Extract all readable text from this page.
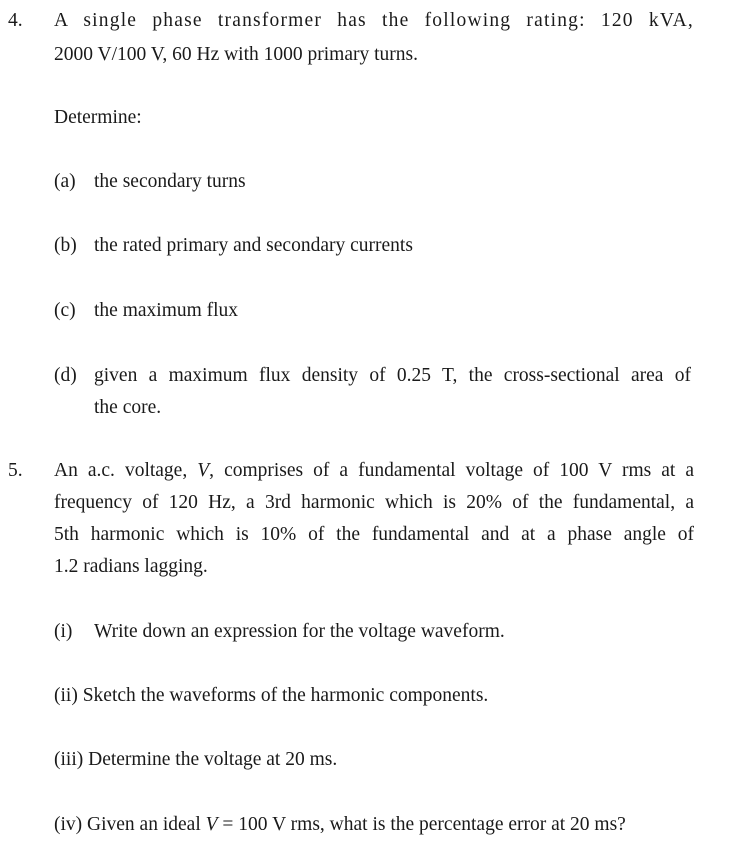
4. A single phase transformer has the following rating: 120 kVA,
2000 V/100 V, 60 Hz with 1000 primary turns.
Determine:
(a) the secondary turns
(b) the rated primary and secondary currents
(c) the maximum flux
(d) given a maximum flux density of 0.25 T, the cross-sectional area of
the core.
5. An a.c. voltage, V, comprises of a fundamental voltage of 100 V rms at a
frequency of 120 Hz, a 3rd harmonic which is 20% of the fundamental, a
5th harmonic which is 10% of the fundamental and at a phase angle of
1.2 radians lagging.
(i) Write down an expression for the voltage waveform.
(ii) Sketch the waveforms of the harmonic components.
(iii) Determine the voltage at 20 ms.
(iv) Given an ideal V = 100 V rms, what is the percentage error at 20 ms?
